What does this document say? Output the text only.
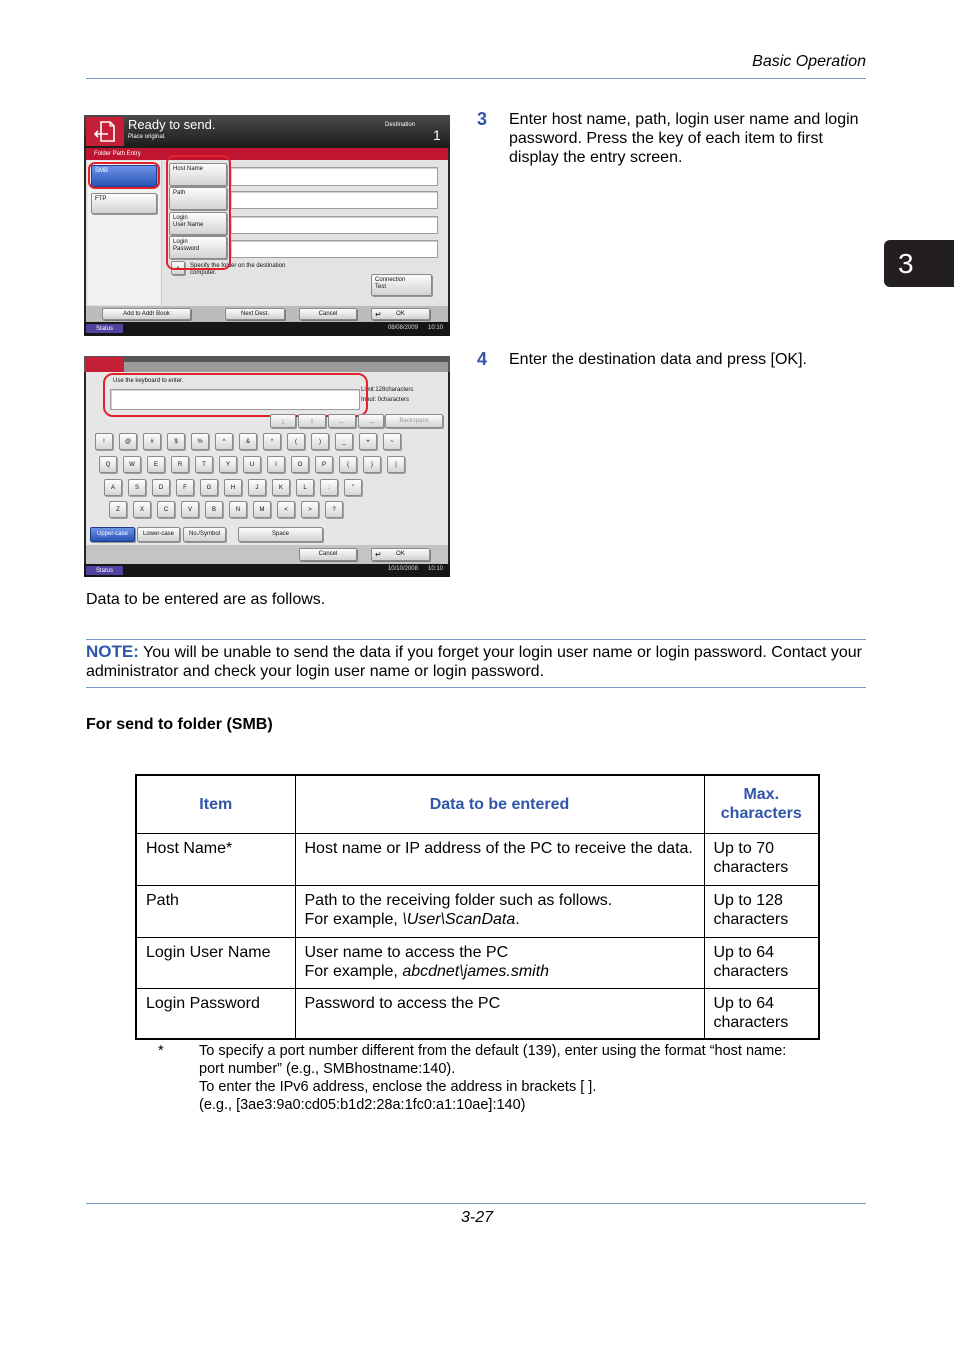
Basic Operation
3
Ready to send.
Place original.
Destination
1
Folder Path Entry
SMB
FTP
Host Name
Path
Login
User Name
Login
Password
▲	Specify the folder on the destination
computer.
Connection
Test
Add to Addr Book	Next Dest.	Cancel	↵ OK
Status	08/08/2009 10:10
3 Enter host name, path, login user name and login
password. Press the key of each item to first
display the entry screen.
Use the keyboard to enter.
Limit:128characters
Input: 0characters
↓	↑	← →	Backspace
!	@	#	$	%	^	&	*	(	)	_	+	~
Q	W	E	R	T	Y	U	I	O	P	{	}	|
A	S	D	F	G	H	J	K	L	:	"
Z	X	C	V	B	N	M	<	>	?
Upper-case	Lower-case	No./Symbol	Space
Cancel	↵ OK
Status	10/10/2008 10:10
4 Enter the destination data and press [OK].
Data to be entered are as follows.
NOTE: You will be unable to send the data if you forget your login user name or login password. Contact your
administrator and check your login user name or login password.
For send to folder (SMB)
Item	Data to be entered	Max.
characters
Host Name*	Host name or IP address of the PC to receive the data.	Up to 70
characters
Path	Path to the receiving folder such as follows.
For example, \User\ScanData.	Up to 128
characters
Login User Name	User name to access the PC
For example, abcdnet\james.smith	Up to 64
characters
Login Password	Password to access the PC	Up to 64
characters
* To specify a port number different from the default (139), enter using the format “host name:
port number” (e.g., SMBhostname:140).
To enter the IPv6 address, enclose the address in brackets [ ].
(e.g., [3ae3:9a0:cd05:b1d2:28a:1fc0:a1:10ae]:140)
3-27
